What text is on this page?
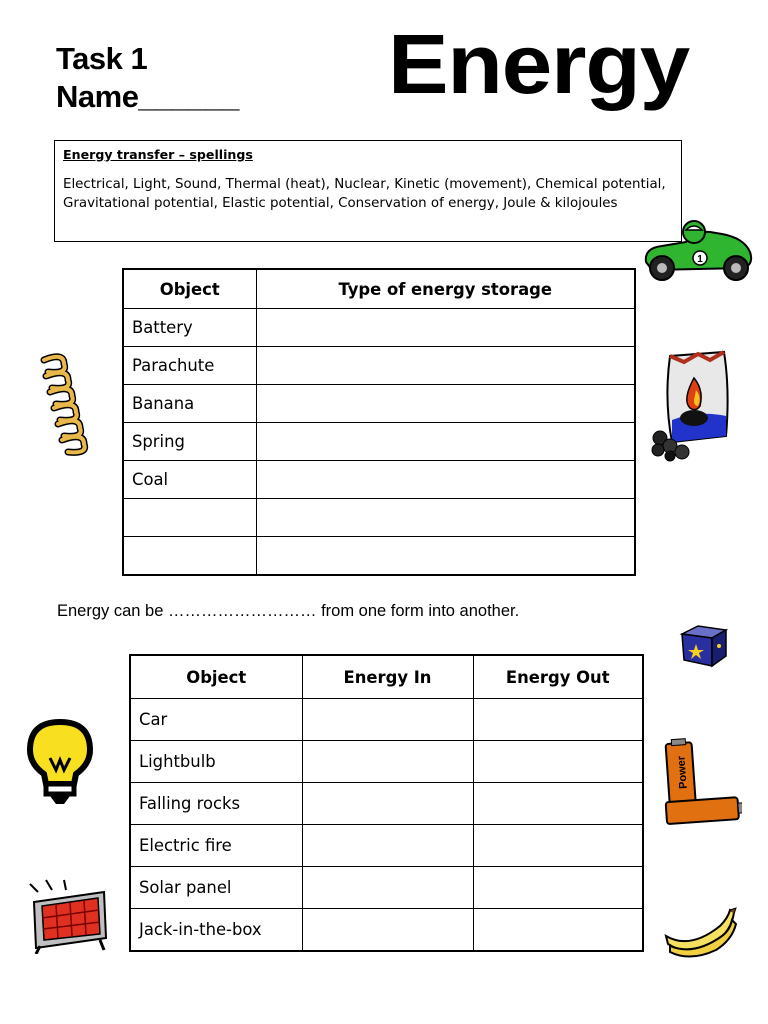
Task 1
Name______ Energy
Energy transfer – spellings
Electrical, Light, Sound, Thermal (heat), Nuclear, Kinetic (movement), Chemical potential, Gravitational potential, Elastic potential, Conservation of energy, Joule & kilojoules
1
Object	Type of energy storage
Battery	
Parachute	
Banana	
Spring	
Coal	

Energy can be ……………………… from one form into another.
Object	Energy In	Energy Out
Car		
Lightbulb		
Falling rocks		
Electric fire		
Solar panel		
Jack-in-the-box		
Power
